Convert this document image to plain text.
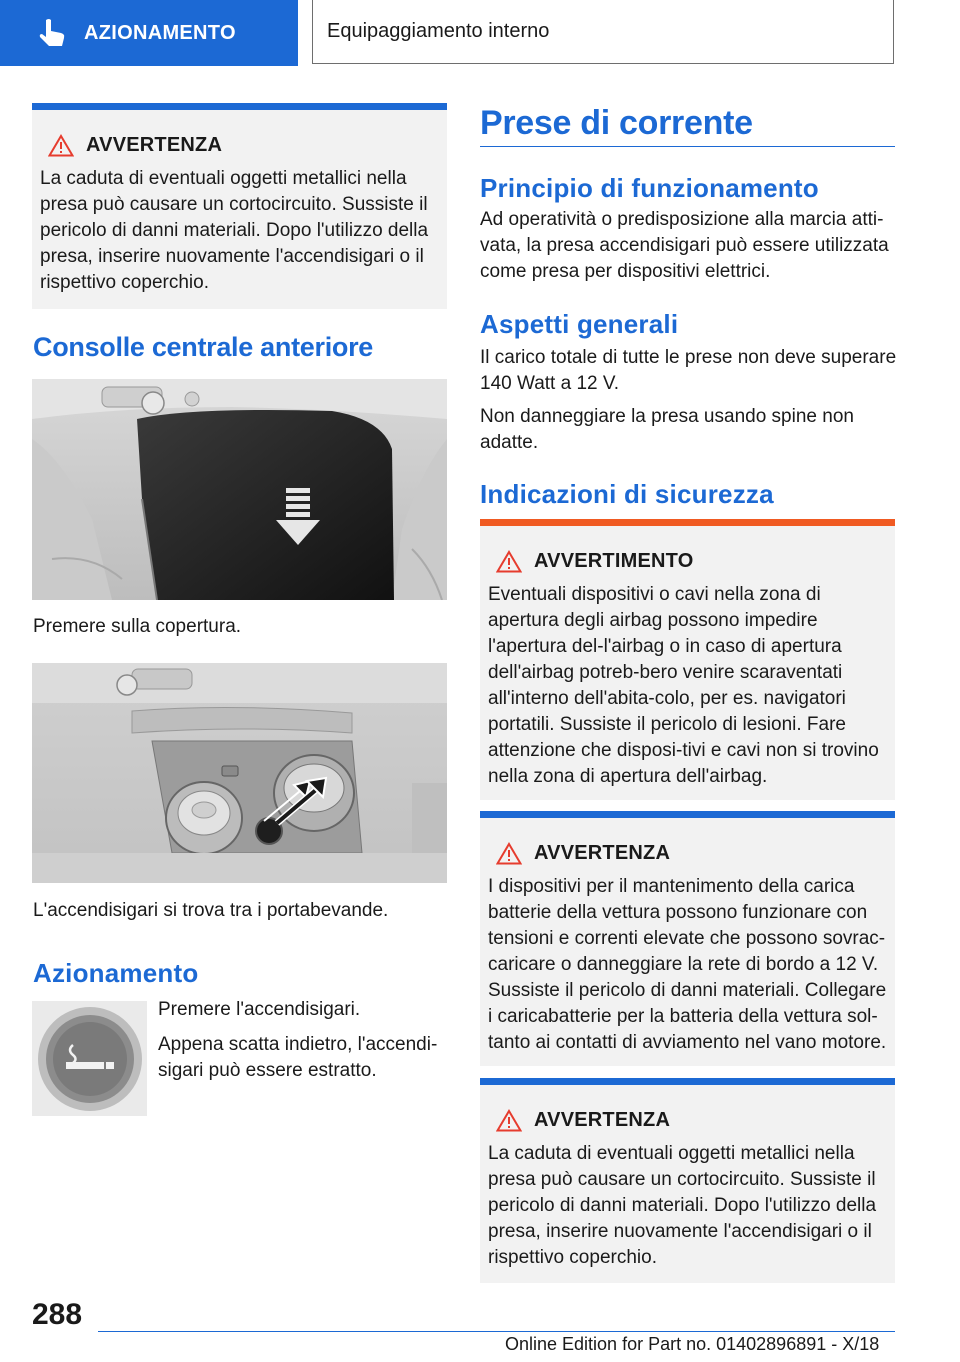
AZIONAMENTO	Equipaggiamento interno
AVVERTENZA
La caduta di eventuali oggetti metallici nella presa può causare un cortocircuito. Sussiste il pericolo di danni materiali. Dopo l'utilizzo della presa, inserire nuovamente l'accendisigari o il rispettivo coperchio.
Consolle centrale anteriore

Premere sulla copertura.

L'accendisigari si trova tra i portabevande.

Azionamento

Premere l'accendisigari.

Appena scatta indietro, l'accendi-sigari può essere estratto.

Prese di corrente
Principio di funzionamento

Ad operatività o predisposizione alla marcia atti-vata, la presa accendisigari può essere utilizzata come presa per dispositivi elettrici.

Aspetti generali

Il carico totale di tutte le prese non deve superare 140 Watt a 12 V.

Non danneggiare la presa usando spine non adatte.

Indicazioni di sicurezza
AVVERTIMENTO
Eventuali dispositivi o cavi nella zona di apertura degli airbag possono impedire l'apertura del-l'airbag o in caso di apertura dell'airbag potreb-bero venire scaraventati all'interno dell'abita-colo, per es. navigatori portatili. Sussiste il pericolo di lesioni. Fare attenzione che disposi-tivi e cavi non si trovino nella zona di apertura dell'airbag.
AVVERTENZA
I dispositivi per il mantenimento della carica batterie della vettura possono funzionare con tensioni e correnti elevate che possono sovrac-caricare o danneggiare la rete di bordo a 12 V. Sussiste il pericolo di danni materiali. Collegare i caricabatterie per la batteria della vettura sol-tanto ai contatti di avviamento nel vano motore.
AVVERTENZA
La caduta di eventuali oggetti metallici nella presa può causare un cortocircuito. Sussiste il pericolo di danni materiali. Dopo l'utilizzo della presa, inserire nuovamente l'accendisigari o il rispettivo coperchio.
288
Online Edition for Part no. 01402896891 - X/18
